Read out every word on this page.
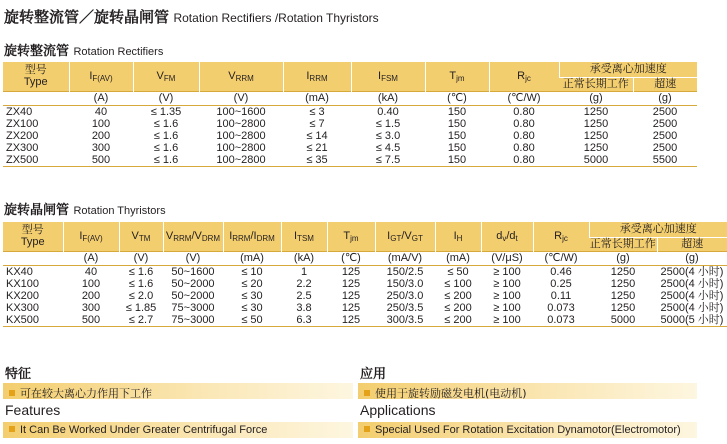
旋转整流管／旋转晶闸管 Rotation Rectifiers /Rotation Thyristors
旋转整流管 Rotation Rectifiers
型号
Type	$I_{F(AV)}$	$V_{FM}$	$V_{RRM}$	$I_{RRM}$	$I_{FSM}$	$T_{jm}$	$R_{jc}$	承受离心加速度	
								正常长期工作	超速
	(A)	(V)	(V)	(mA)	(kA)	(℃)	(℃/W)	(g)	(g)
ZX40	40	≤ 1.35	100~1600	≤ 3	0.40	150	0.80	1250	2500
ZX100	100	≤ 1.6	100~2800	≤ 7	≤ 1.5	150	0.80	1250	2500
ZX200	200	≤ 1.6	100~2800	≤ 14	≤ 3.0	150	0.80	1250	2500
ZX300	300	≤ 1.6	100~2800	≤ 21	≤ 4.5	150	0.80	1250	2500
ZX500	500	≤ 1.6	100~2800	≤ 35	≤ 7.5	150	0.80	5000	5500
旋转晶闸管 Rotation Thyristors
型号
Type	$I_{F(AV)}$	$V_{TM}$	$V_{RRM}/V_{DRM}$	$I_{RRM}/I_{DRM}$	$I_{TSM}$	$T_{jm}$	$I_{GT}/V_{GT}$	$I_H$	$d_v/d_t$	$R_{jc}$	承受离心加速度	
											正常长期工作	超速
	(A)	(V)	(V)	(mA)	(kA)	(℃)	(mA/V)	(mA)	(V/μS)	(℃/W)	(g)	(g)
KX40	40	≤ 1.6	50~1600	≤ 10	1	125	150/2.5	≤ 50	≥ 100	0.46	1250	2500(4 小时)
KX100	100	≤ 1.6	50~2000	≤ 20	2.2	125	150/3.0	≤ 100	≥ 100	0.25	1250	2500(4 小时)
KX200	200	≤ 2.0	50~2000	≤ 30	2.5	125	250/3.0	≤ 200	≥ 100	0.11	1250	2500(4 小时)
KX300	300	≤ 1.85	75~3000	≤ 30	3.8	125	250/3.5	≤ 200	≥ 100	0.073	1250	2500(4 小时)
KX500	500	≤ 2.7	75~3000	≤ 50	6.3	125	300/3.5	≤ 200	≥ 100	0.073	5000	5000(5 小时)
特征
可在较大离心力作用下工作
Features
It Can Be Worked Under Greater Centrifugal Force
应用
使用于旋转励磁发电机(电动机)
Applications
Special Used For Rotation Excitation Dynamotor(Electromotor)
